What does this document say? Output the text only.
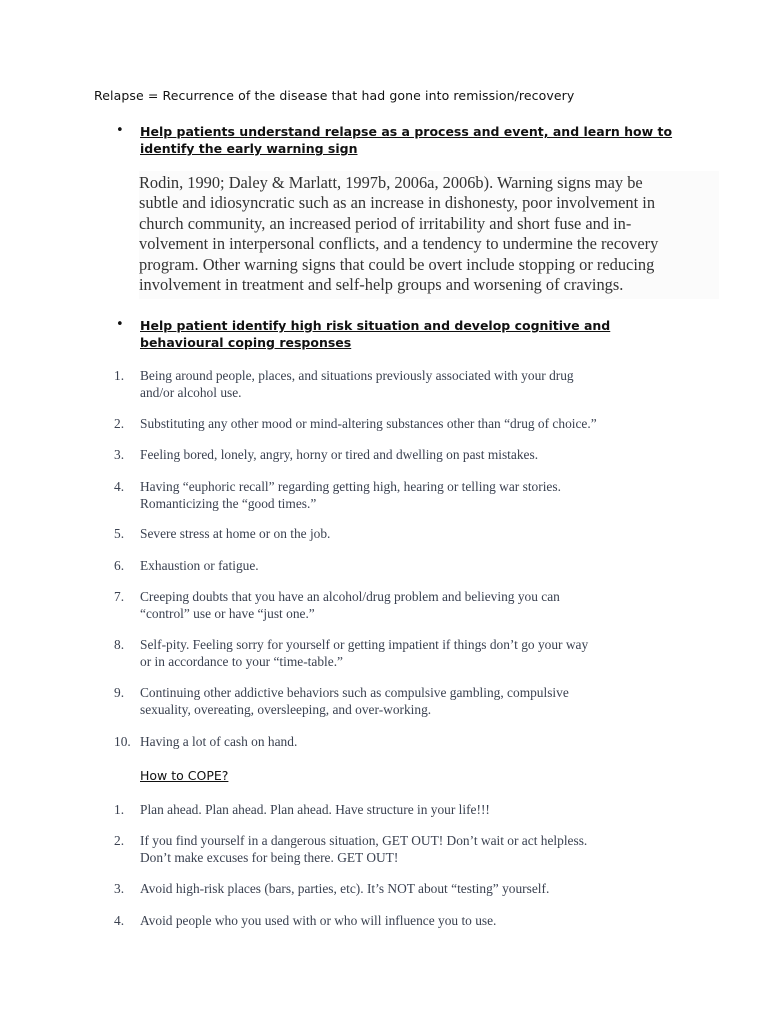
Relapse = Recurrence of the disease that had gone into remission/recovery
• Help patients understand relapse as a process and event, and learn how to
identify the early warning sign
Rodin, 1990; Daley & Marlatt, 1997b, 2006a, 2006b). Warning signs may be
subtle and idiosyncratic such as an increase in dishonesty, poor involvement in
church community, an increased period of irritability and short fuse and in-
volvement in interpersonal conflicts, and a tendency to undermine the recovery
program. Other warning signs that could be overt include stopping or reducing
involvement in treatment and self-help groups and worsening of cravings.
• Help patient identify high risk situation and develop cognitive and
behavioural coping responses
1.	Being around people, places, and situations previously associated with your drug
and/or alcohol use.
2.	Substituting any other mood or mind-altering substances other than “drug of choice.”
3.	Feeling bored, lonely, angry, horny or tired and dwelling on past mistakes.
4.	Having “euphoric recall” regarding getting high, hearing or telling war stories.
Romanticizing the “good times.”
5.	Severe stress at home or on the job.
6.	Exhaustion or fatigue.
7.	Creeping doubts that you have an alcohol/drug problem and believing you can
“control” use or have “just one.”
8.	Self-pity. Feeling sorry for yourself or getting impatient if things don’t go your way
or in accordance to your “time-table.”
9.	Continuing other addictive behaviors such as compulsive gambling, compulsive
sexuality, overeating, oversleeping, and over-working.
10. Having a lot of cash on hand.
How to COPE?
1.	Plan ahead. Plan ahead. Plan ahead. Have structure in your life!!!
2.	If you find yourself in a dangerous situation, GET OUT! Don’t wait or act helpless.
Don’t make excuses for being there. GET OUT!
3.	Avoid high-risk places (bars, parties, etc). It’s NOT about “testing” yourself.
4.	Avoid people who you used with or who will influence you to use.
